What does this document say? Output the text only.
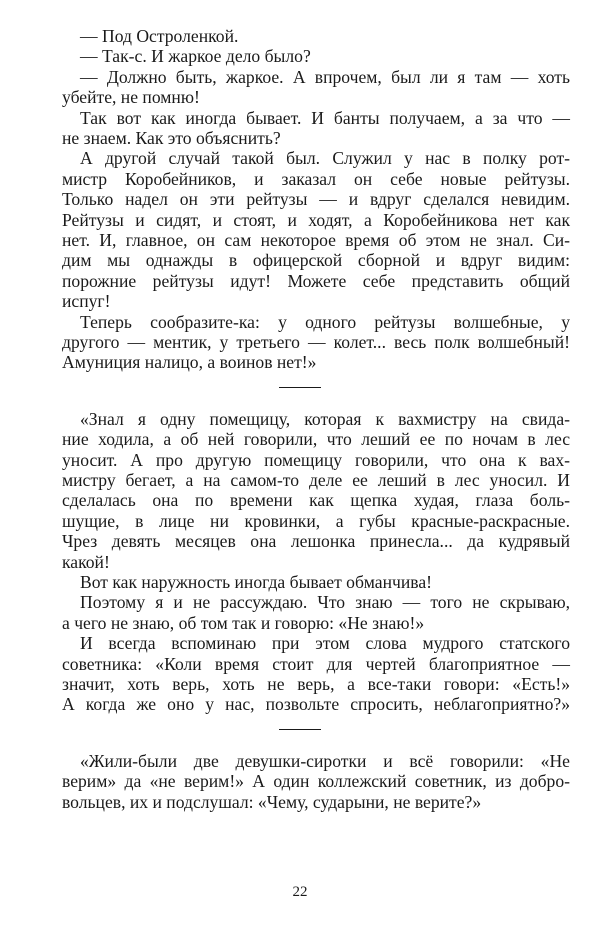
— Под Остроленкой.
— Так-с. И жаркое дело было?
— Должно быть, жаркое. А впрочем, был ли я там — хоть
убейте, не помню!
Так вот как иногда бывает. И банты получаем, а за что —
не знаем. Как это объяснить?
А другой случай такой был. Служил у нас в полку рот-
мистр Коробейников, и заказал он себе новые рейтузы.
Только надел он эти рейтузы — и вдруг сделался невидим.
Рейтузы и сидят, и стоят, и ходят, а Коробейникова нет как
нет. И, главное, он сам некоторое время об этом не знал. Си-
дим мы однажды в офицерской сборной и вдруг видим:
порожние рейтузы идут! Можете себе представить общий
испуг!
Теперь сообразите-ка: у одного рейтузы волшебные, у
другого — ментик, у третьего — колет... весь полк волшебный!
Амуниция налицо, а воинов нет!»
«Знал я одну помещицу, которая к вахмистру на свида-
ние ходила, а об ней говорили, что леший ее по ночам в лес
уносит. А про другую помещицу говорили, что она к вах-
мистру бегает, а на самом-то деле ее леший в лес уносил. И
сделалась она по времени как щепка худая, глаза боль-
шущие, в лице ни кровинки, а губы красные-раскрасные.
Чрез девять месяцев она лешонка принесла... да кудрявый
какой!
Вот как наружность иногда бывает обманчива!
Поэтому я и не рассуждаю. Что знаю — того не скрываю,
а чего не знаю, об том так и говорю: «Не знаю!»
И всегда вспоминаю при этом слова мудрого статского
советника: «Коли время стоит для чертей благоприятное —
значит, хоть верь, хоть не верь, а все-таки говори: «Есть!»
А когда же оно у нас, позвольте спросить, неблагоприятно?»
«Жили-были две девушки-сиротки и всё говорили: «Не
верим» да «не верим!» А один коллежский советник, из добро-
вольцев, их и подслушал: «Чему, сударыни, не верите?»
22
